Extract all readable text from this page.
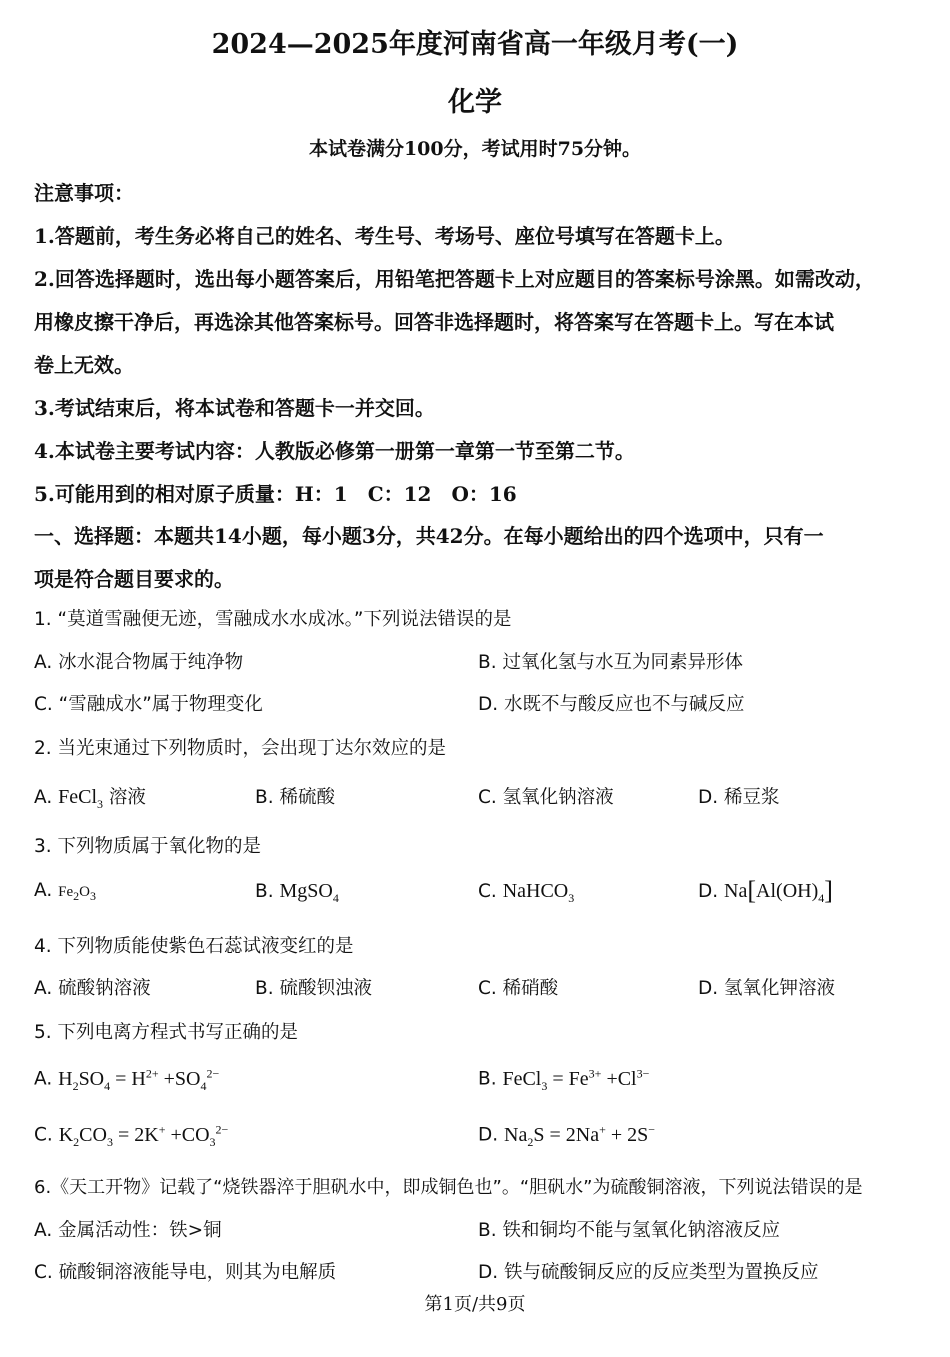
2024—2025年度河南省高一年级月考(一)
化学
本试卷满分100分，考试用时75分钟。
注意事项：
1.答题前，考生务必将自己的姓名、考生号、考场号、座位号填写在答题卡上。
2.回答选择题时，选出每小题答案后，用铅笔把答题卡上对应题目的答案标号涂黑。如需改动，
用橡皮擦干净后，再选涂其他答案标号。回答非选择题时，将答案写在答题卡上。写在本试
卷上无效。
3.考试结束后，将本试卷和答题卡一并交回。
4.本试卷主要考试内容：人教版必修第一册第一章第一节至第二节。
5.可能用到的相对原子质量：H：1　C：12　O：16
一、选择题：本题共14小题，每小题3分，共42分。在每小题给出的四个选项中，只有一
项是符合题目要求的。
1. “莫道雪融便无迹，雪融成水水成冰。”下列说法错误的是
A. 冰水混合物属于纯净物	B. 过氧化氢与水互为同素异形体
C. “雪融成水”属于物理变化	D. 水既不与酸反应也不与碱反应
2. 当光束通过下列物质时，会出现丁达尔效应的是
A. FeCl$_3$ 溶液	B. 稀硫酸	C. 氢氧化钠溶液	D. 稀豆浆
3. 下列物质属于氧化物的是
A. $Fe_2O_3$	B. MgSO$_4$	C. NaHCO$_3$	D. $Na[Al(OH)_4]$
4. 下列物质能使紫色石蕊试液变红的是
A. 硫酸钠溶液	B. 硫酸钡浊液	C. 稀硝酸	D. 氢氧化钾溶液
5. 下列电离方程式书写正确的是
A. $H_2SO_4 = H^{2+} +SO_4^{2-}$	B. FeCl$_3$ = $Fe^{3+} +Cl^{3-}$
C. $K_2CO_3 = 2K^+ +CO_3^{2-}$	D. $Na_2S = 2Na^+ + 2S^-$
6.《天工开物》记载了“烧铁器淬于胆矾水中，即成铜色也”。“胆矾水”为硫酸铜溶液，下列说法错误的是
A. 金属活动性：铁>铜	B. 铁和铜均不能与氢氧化钠溶液反应
C. 硫酸铜溶液能导电，则其为电解质	D. 铁与硫酸铜反应的反应类型为置换反应
第1页/共9页
